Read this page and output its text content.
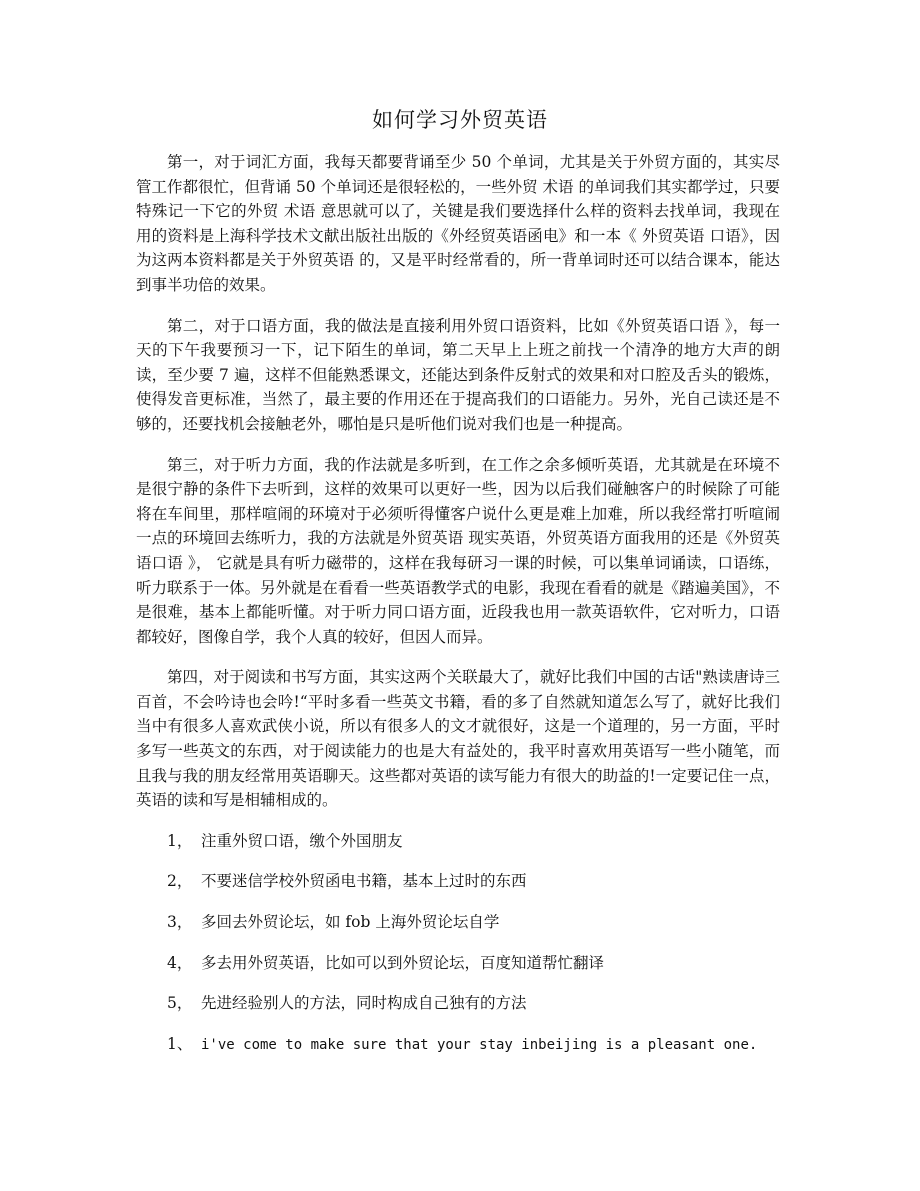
如何学习外贸英语

第一，对于词汇方面，我每天都要背诵至少 50 个单词，尤其是关于外贸方面的，其实尽管工作都很忙，但背诵 50 个单词还是很轻松的，一些外贸 术语 的单词我们其实都学过，只要特殊记一下它的外贸 术语 意思就可以了，关键是我们要选择什么样的资料去找单词，我现在用的资料是上海科学技术文献出版社出版的《外经贸英语函电》和一本《 外贸英语 口语》，因为这两本资料都是关于外贸英语 的，又是平时经常看的，所一背单词时还可以结合课本，能达到事半功倍的效果。

第二，对于口语方面，我的做法是直接利用外贸口语资料，比如《外贸英语口语 》，每一天的下午我要预习一下，记下陌生的单词，第二天早上上班之前找一个清净的地方大声的朗读，至少要 7 遍，这样不但能熟悉课文，还能达到条件反射式的效果和对口腔及舌头的锻炼，使得发音更标准，当然了，最主要的作用还在于提高我们的口语能力。另外，光自己读还是不够的，还要找机会接触老外，哪怕是只是听他们说对我们也是一种提高。

第三，对于听力方面，我的作法就是多听到，在工作之余多倾听英语，尤其就是在环境不是很宁静的条件下去听到，这样的效果可以更好一些，因为以后我们碰触客户的时候除了可能将在车间里，那样喧闹的环境对于必须听得懂客户说什么更是难上加难，所以我经常打听喧闹一点的环境回去练听力，我的方法就是外贸英语 现实英语，外贸英语方面我用的还是《外贸英语口语 》， 它就是具有听力磁带的，这样在我每研习一课的时候，可以集单词诵读，口语练，听力联系于一体。另外就是在看看一些英语教学式的电影，我现在看看的就是《踏遍美国》，不是很难，基本上都能听懂。对于听力同口语方面，近段我也用一款英语软件，它对听力，口语都较好，图像自学，我个人真的较好，但因人而异。

第四，对于阅读和书写方面，其实这两个关联最大了，就好比我们中国的古话"熟读唐诗三百首，不会吟诗也会吟!“平时多看一些英文书籍，看的多了自然就知道怎么写了，就好比我们当中有很多人喜欢武侠小说，所以有很多人的文才就很好，这是一个道理的，另一方面，平时多写一些英文的东西，对于阅读能力的也是大有益处的，我平时喜欢用英语写一些小随笔，而且我与我的朋友经常用英语聊天。这些都对英语的读写能力有很大的助益的!一定要记住一点，英语的读和写是相辅相成的。

1， 注重外贸口语，缴个外国朋友
2， 不要迷信学校外贸函电书籍，基本上过时的东西
3， 多回去外贸论坛，如 fob 上海外贸论坛自学
4， 多去用外贸英语，比如可以到外贸论坛，百度知道帮忙翻译
5， 先进经验别人的方法，同时构成自己独有的方法
1、 i've come to make sure that your stay inbeijing is a pleasant one.
